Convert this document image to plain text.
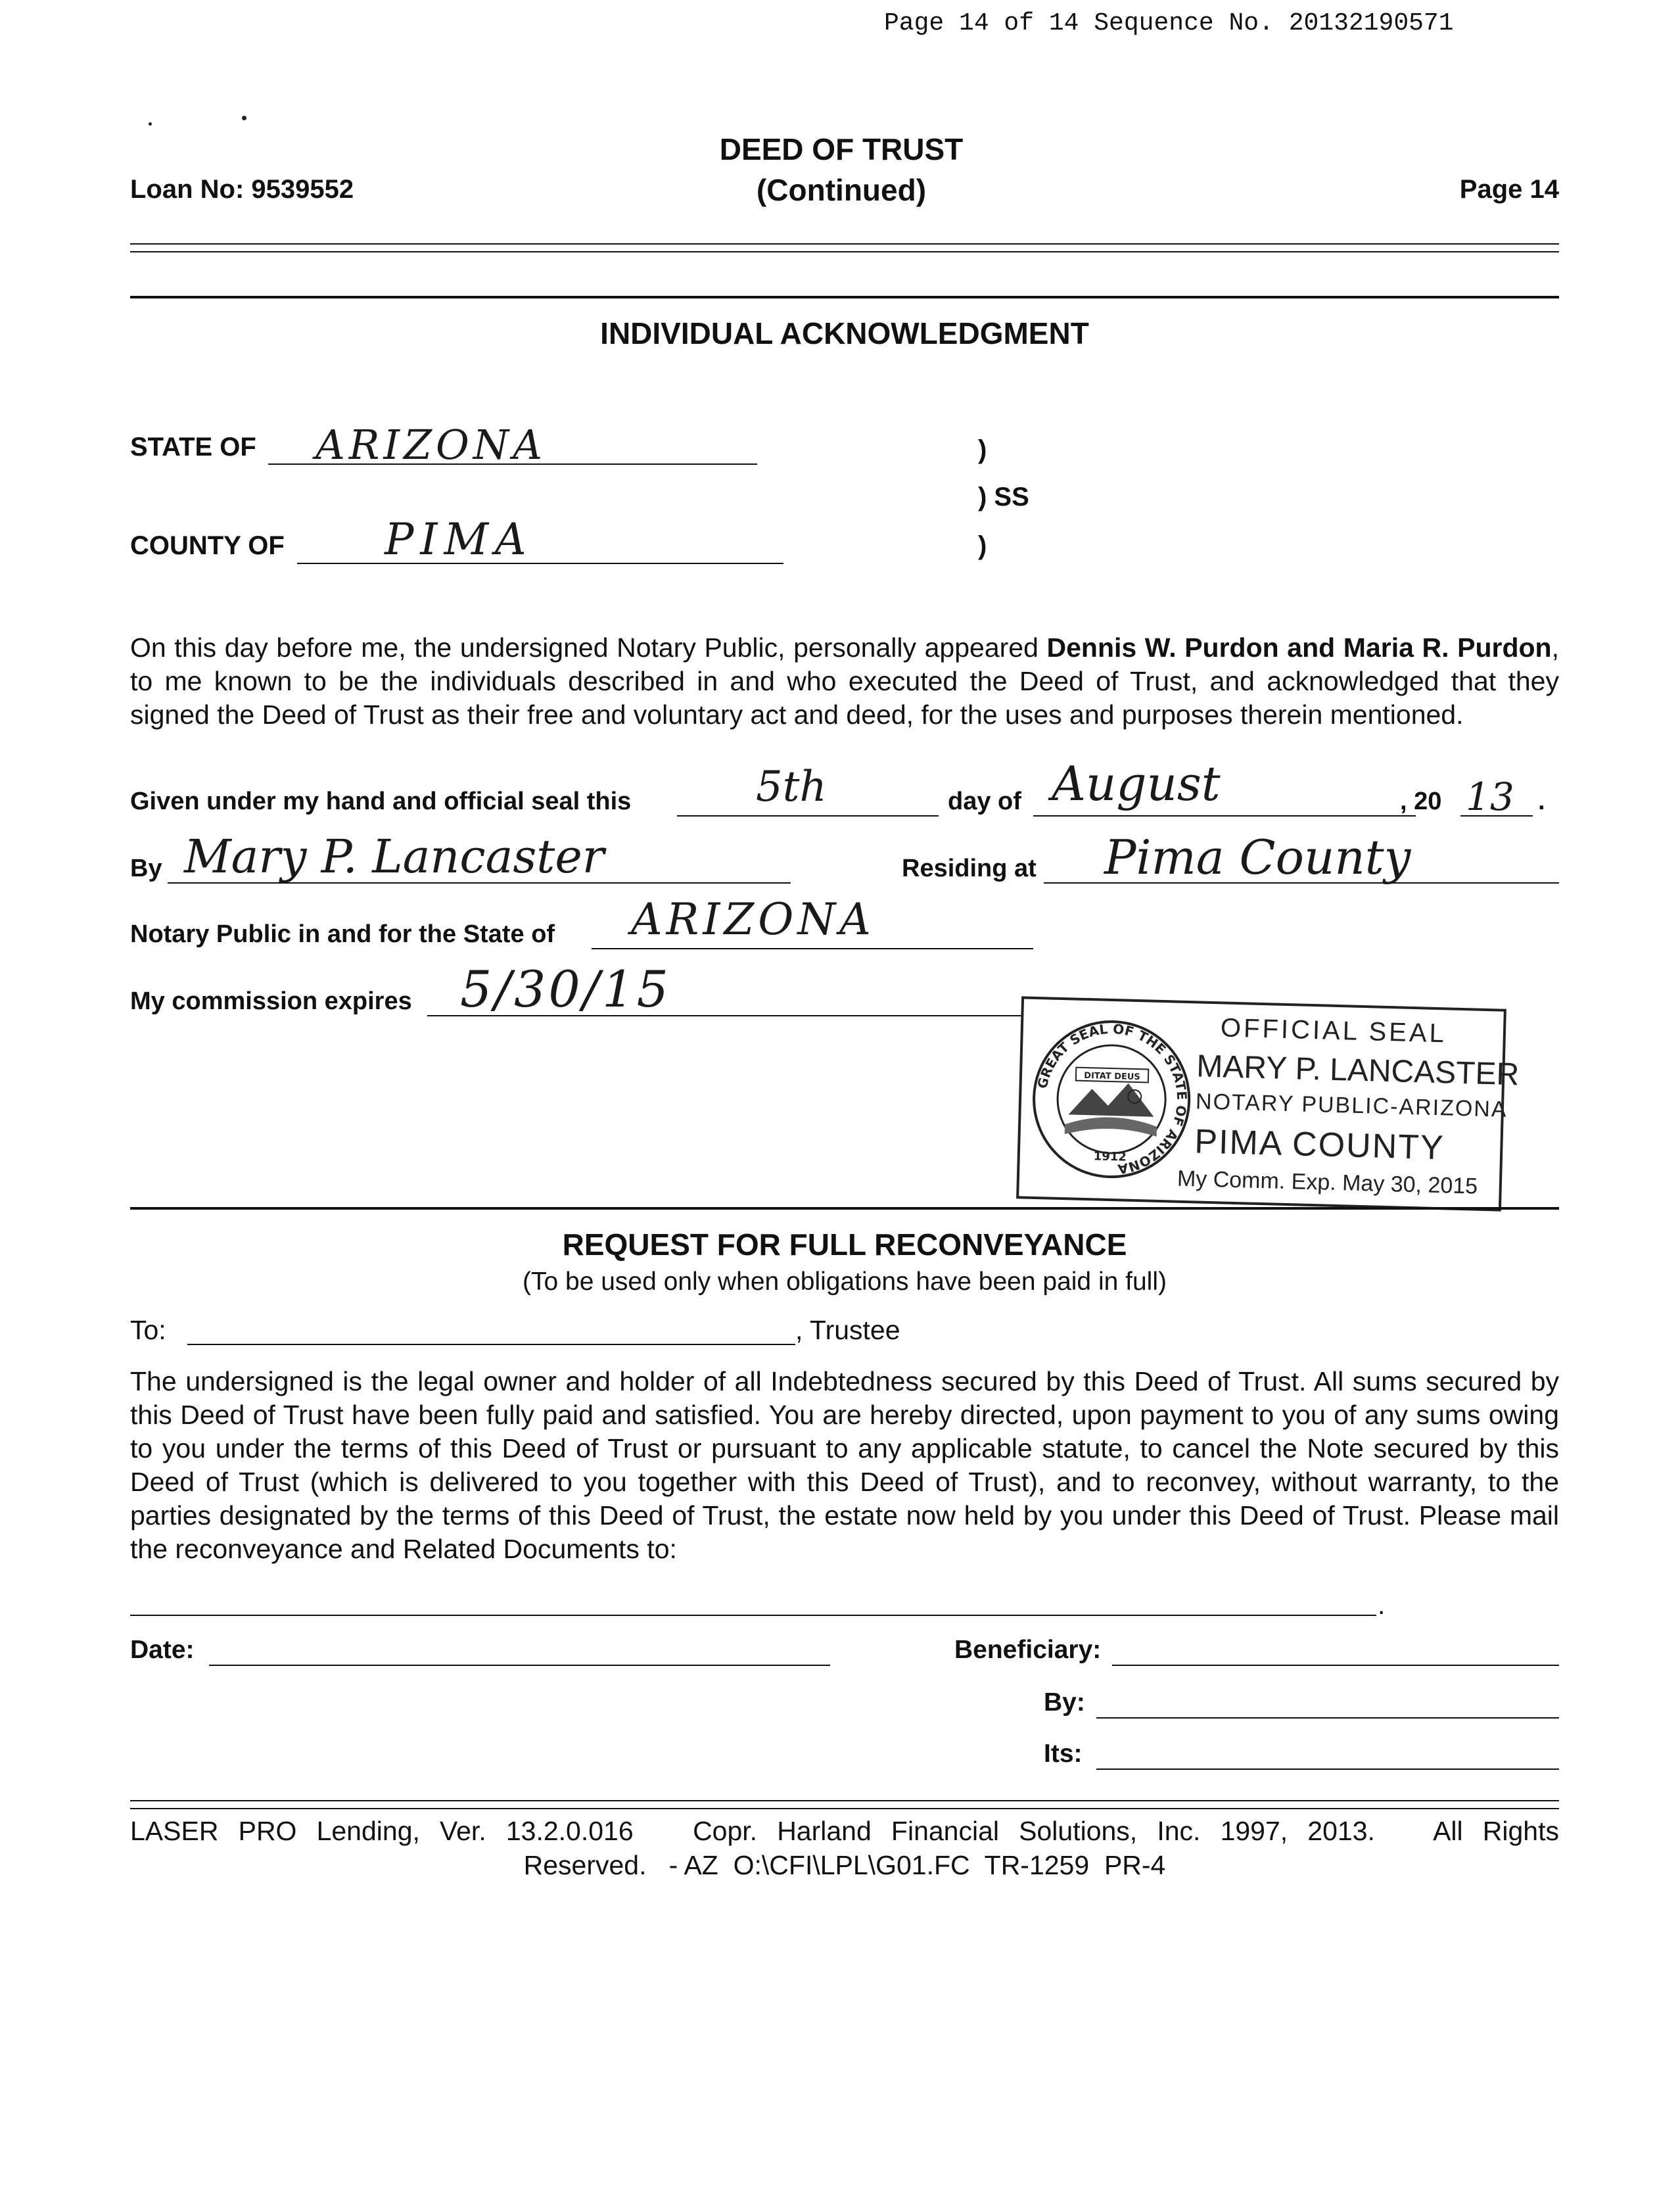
Page 14 of 14 Sequence No. 20132190571
DEED OF TRUST
Loan No: 9539552	(Continued)	Page 14
INDIVIDUAL ACKNOWLEDGMENT
STATE OF ARIZONA	)
) SS
)
COUNTY OF PIMA
On this day before me, the undersigned Notary Public, personally appeared Dennis W. Purdon and Maria R. Purdon, to me known to be the individuals described in and who executed the Deed of Trust, and acknowledged that they signed the Deed of Trust as their free and voluntary act and deed, for the uses and purposes therein mentioned.
Given under my hand and official seal this	5th	day of August	, 20 13 .
By Mary P. Lancaster	Residing at Pima County
Notary Public in and for the State of ARIZONA
My commission expires 5/30/15
GREAT SEAL OF THE STATE OF ARIZONA
DITAT DEUS
1912
OFFICIAL SEAL
MARY P. LANCASTER
NOTARY PUBLIC-ARIZONA
PIMA COUNTY
My Comm. Exp. May 30, 2015
REQUEST FOR FULL RECONVEYANCE
(To be used only when obligations have been paid in full)
To:	, Trustee
The undersigned is the legal owner and holder of all Indebtedness secured by this Deed of Trust. All sums secured by this Deed of Trust have been fully paid and satisfied. You are hereby directed, upon payment to you of any sums owing to you under the terms of this Deed of Trust or pursuant to any applicable statute, to cancel the Note secured by this Deed of Trust (which is delivered to you together with this Deed of Trust), and to reconvey, without warranty, to the parties designated by the terms of this Deed of Trust, the estate now held by you under this Deed of Trust. Please mail the reconveyance and Related Documents to:
.
Date:	Beneficiary:
By:
Its:
LASER PRO Lending, Ver. 13.2.0.016   Copr. Harland Financial Solutions, Inc. 1997, 2013.   All Rights
Reserved.   - AZ  O:\CFI\LPL\G01.FC  TR-1259  PR-4
